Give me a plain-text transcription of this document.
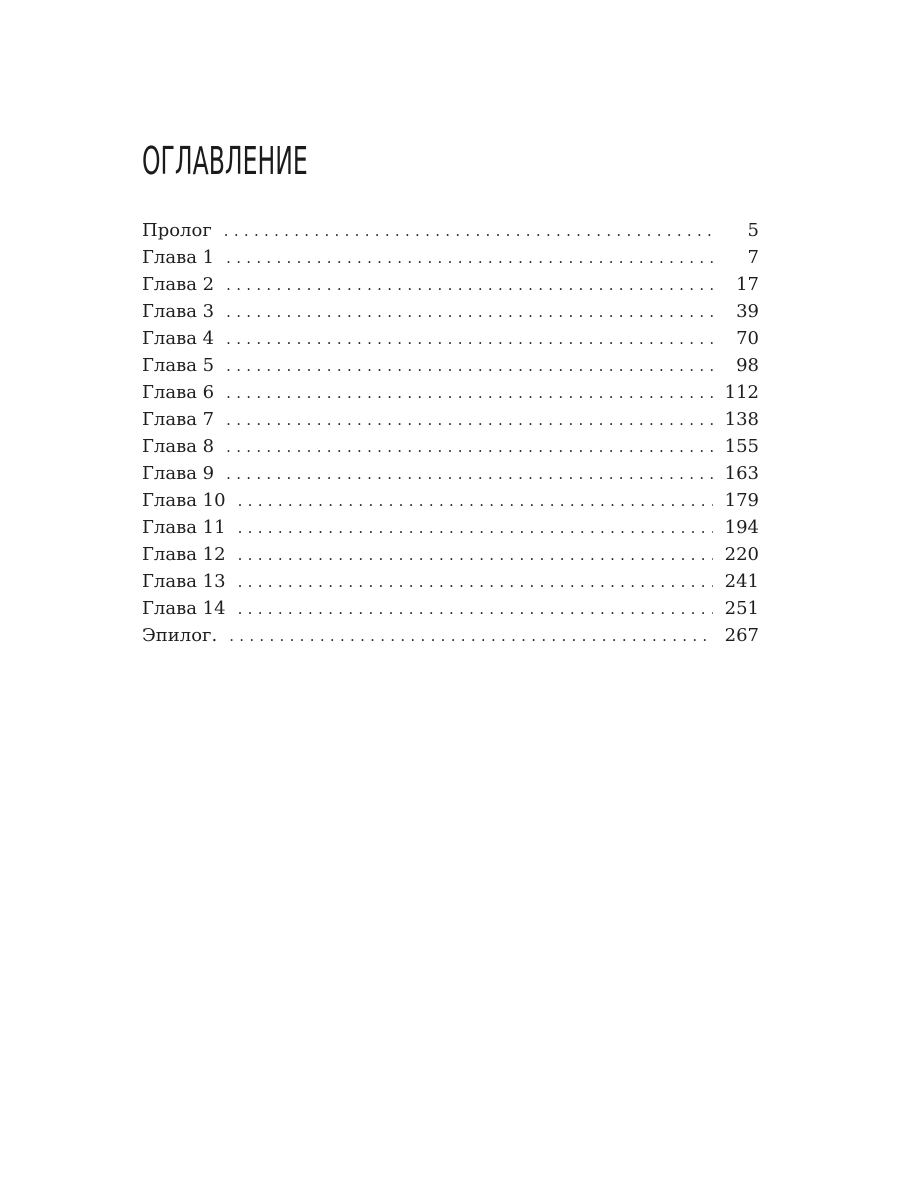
ОГЛАВЛЕНИЕ
Пролог .....	5
Глава 1 .....	7
Глава 2 .....	17
Глава 3 .....	39
Глава 4 .....	70
Глава 5 .....	98
Глава 6 .....	112
Глава 7 .....	138
Глава 8 .....	155
Глава 9 .....	163
Глава 10 .....	179
Глава 11 .....	194
Глава 12 .....	220
Глава 13 .....	241
Глава 14 .....	251
Эпилог. .....	267
